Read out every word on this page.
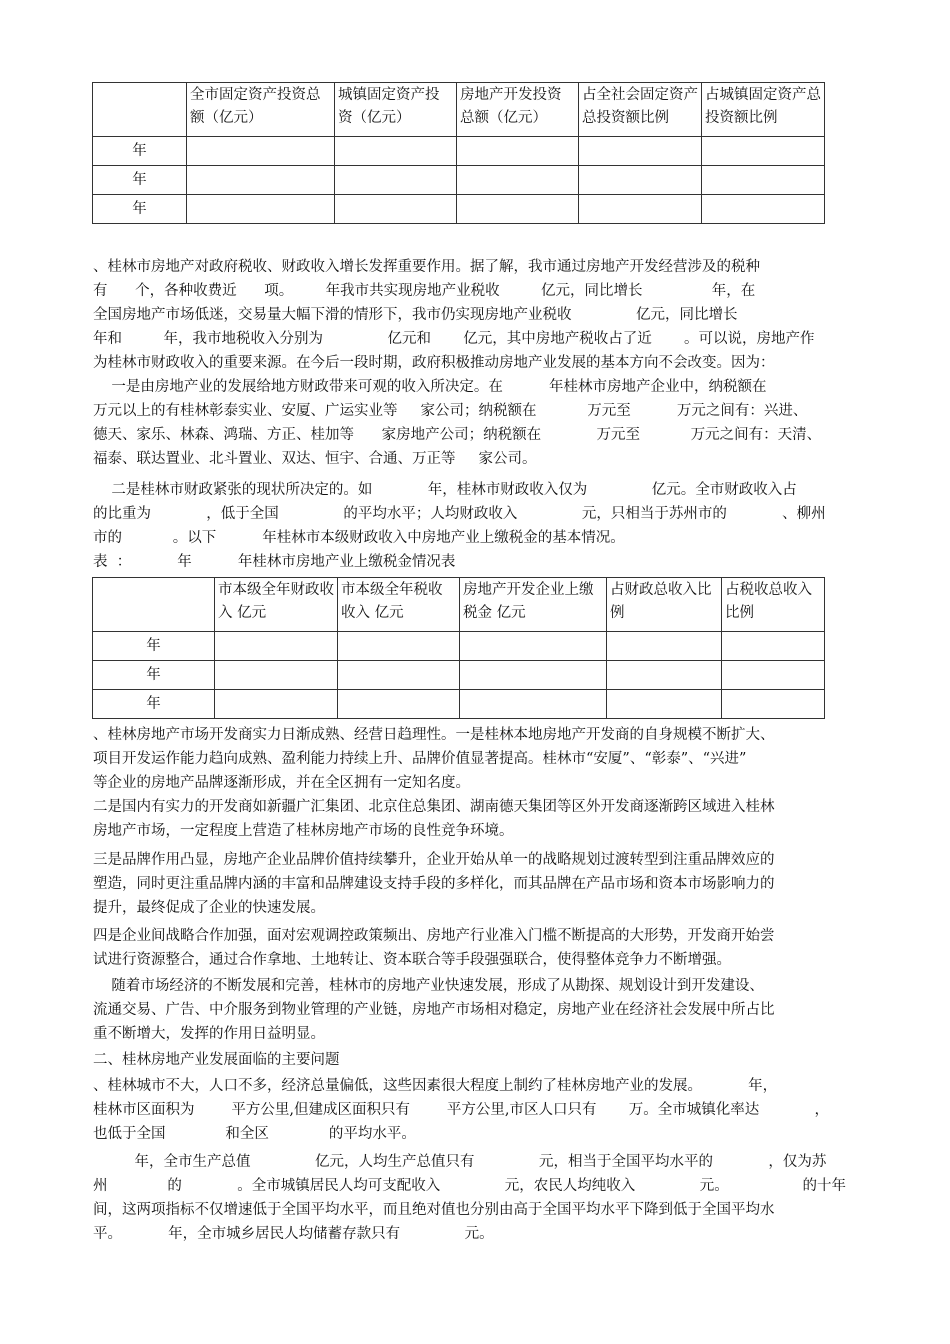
	全市固定资产投资总额（亿元）	城镇固定资产投资（亿元）	房地产开发投资总额（亿元）	占全社会固定资产总投资额比例	占城镇固定资产总投资额比例
年					
年					
年					
、桂林市房地产对政府税收、财政收入增长发挥重要作用。据了解，我市通过房地产开发经营涉及的税种
有      个，各种收费近      项。       年我市共实现房地产业税收         亿元，同比增长               年，在
全国房地产市场低迷，交易量大幅下滑的情形下，我市仍实现房地产业税收              亿元，同比增长
年和         年，我市地税收入分别为              亿元和       亿元，其中房地产税收占了近       。可以说，房地产作
为桂林市财政收入的重要来源。在今后一段时期，政府积极推动房地产业发展的基本方向不会改变。因为：
一是由房地产业的发展给地方财政带来可观的收入所决定。在          年桂林市房地产企业中，纳税额在
万元以上的有桂林彰泰实业、安厦、广运实业等     家公司；纳税额在           万元至          万元之间有：兴进、
德天、家乐、林森、鸿瑞、方正、桂加等      家房地产公司；纳税额在            万元至           万元之间有：天清、
福泰、联达置业、北斗置业、双达、恒宇、合通、万正等     家公司。
二是桂林市财政紧张的现状所决定的。如            年，桂林市财政收入仅为              亿元。全市财政收入占
的比重为            ，低于全国              的平均水平；人均财政收入              元，只相当于苏州市的            、柳州
市的           。以下          年桂林市本级财政收入中房地产业上缴税金的基本情况。
表  ：          年          年桂林市房地产业上缴税金情况表
	市本级全年财政收入 亿元	市本级全年税收收入 亿元	房地产开发企业上缴税金 亿元	占财政总收入比例	占税收总收入比例
年					
年					
年					
、桂林房地产市场开发商实力日渐成熟、经营日趋理性。一是桂林本地房地产开发商的自身规模不断扩大、
项目开发运作能力趋向成熟、盈利能力持续上升、品牌价值显著提高。桂林市“安厦”、“彰泰”、“兴进”
等企业的房地产品牌逐渐形成，并在全区拥有一定知名度。
二是国内有实力的开发商如新疆广汇集团、北京住总集团、湖南德天集团等区外开发商逐渐跨区域进入桂林
房地产市场，一定程度上营造了桂林房地产市场的良性竞争环境。
三是品牌作用凸显，房地产企业品牌价值持续攀升，企业开始从单一的战略规划过渡转型到注重品牌效应的
塑造，同时更注重品牌内涵的丰富和品牌建设支持手段的多样化，而其品牌在产品市场和资本市场影响力的
提升，最终促成了企业的快速发展。
四是企业间战略合作加强，面对宏观调控政策频出、房地产行业准入门槛不断提高的大形势，开发商开始尝
试进行资源整合，通过合作拿地、土地转让、资本联合等手段强强联合，使得整体竞争力不断增强。
随着市场经济的不断发展和完善，桂林市的房地产业快速发展，形成了从勘探、规划设计到开发建设、
流通交易、广告、中介服务到物业管理的产业链，房地产市场相对稳定，房地产业在经济社会发展中所占比
重不断增大，发挥的作用日益明显。
二、桂林房地产业发展面临的主要问题
、桂林城市不大，人口不多，经济总量偏低，这些因素很大程度上制约了桂林房地产业的发展。          年，
桂林市区面积为        平方公里,但建成区面积只有        平方公里,市区人口只有       万。全市城镇化率达            ，
也低于全国             和全区             的平均水平。
年，全市生产总值              亿元，人均生产总值只有              元，相当于全国平均水平的            ，仅为苏
州             的            。全市城镇居民人均可支配收入              元，农民人均纯收入              元。                的十年
间，这两项指标不仅增速低于全国平均水平，而且绝对值也分别由高于全国平均水平下降到低于全国平均水
平。          年，全市城乡居民人均储蓄存款只有              元。
